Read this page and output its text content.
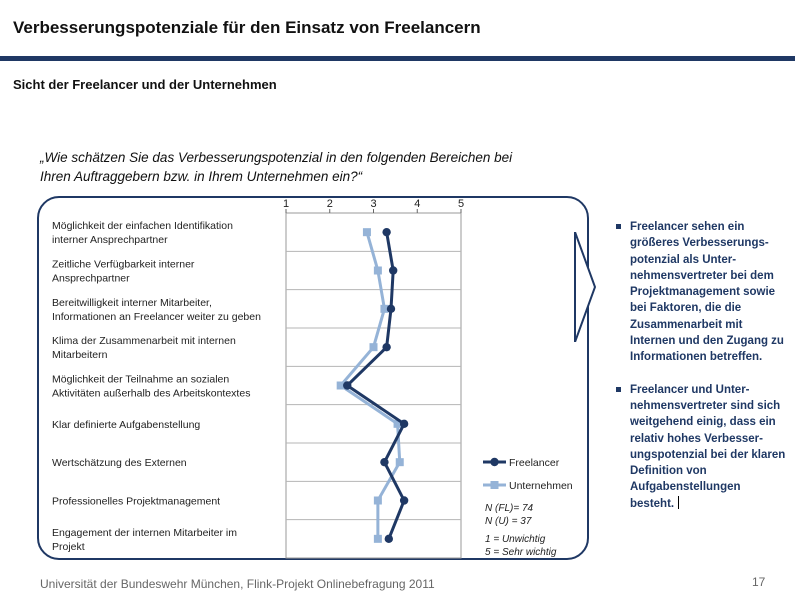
Verbesserungspotenziale für den Einsatz von Freelancern
Sicht der Freelancer und der Unternehmen
„Wie schätzen Sie das Verbesserungspotenzial in den folgenden Bereichen bei
Ihren Auftraggebern bzw. in Ihrem Unternehmen ein?“
1	2	3	4	5
Möglichkeit der einfachen Identifikation
interner Ansprechpartner
Zeitliche Verfügbarkeit interner
Ansprechpartner
Bereitwilligkeit interner Mitarbeiter,
Informationen an Freelancer weiter zu geben
Klima der Zusammenarbeit mit internen
Mitarbeitern
Möglichkeit der Teilnahme an sozialen
Aktivitäten außerhalb des Arbeitskontextes
Klar definierte Aufgabenstellung
Wertschätzung des Externen
Professionelles Projektmanagement
Engagement der internen Mitarbeiter im
Projekt
Freelancer
Unternehmen
N (FL)= 74
N (U) = 37
1 = Unwichtig
5 = Sehr wichtig
Freelancer sehen ein größeres Verbesserungs-potenzial als Unter-nehmensvertreter bei dem Projektmanagement sowie bei Faktoren, die die Zusammenarbeit mit Internen und den Zugang zu Informationen betreffen.
Freelancer und Unter-nehmensvertreter sind sich weitgehend einig, dass ein relativ hohes Verbesser-ungspotenzial bei der klaren Definition von Aufgabenstellungen besteht.
Universität der Bundeswehr München, Flink-Projekt Onlinebefragung 2011	17
